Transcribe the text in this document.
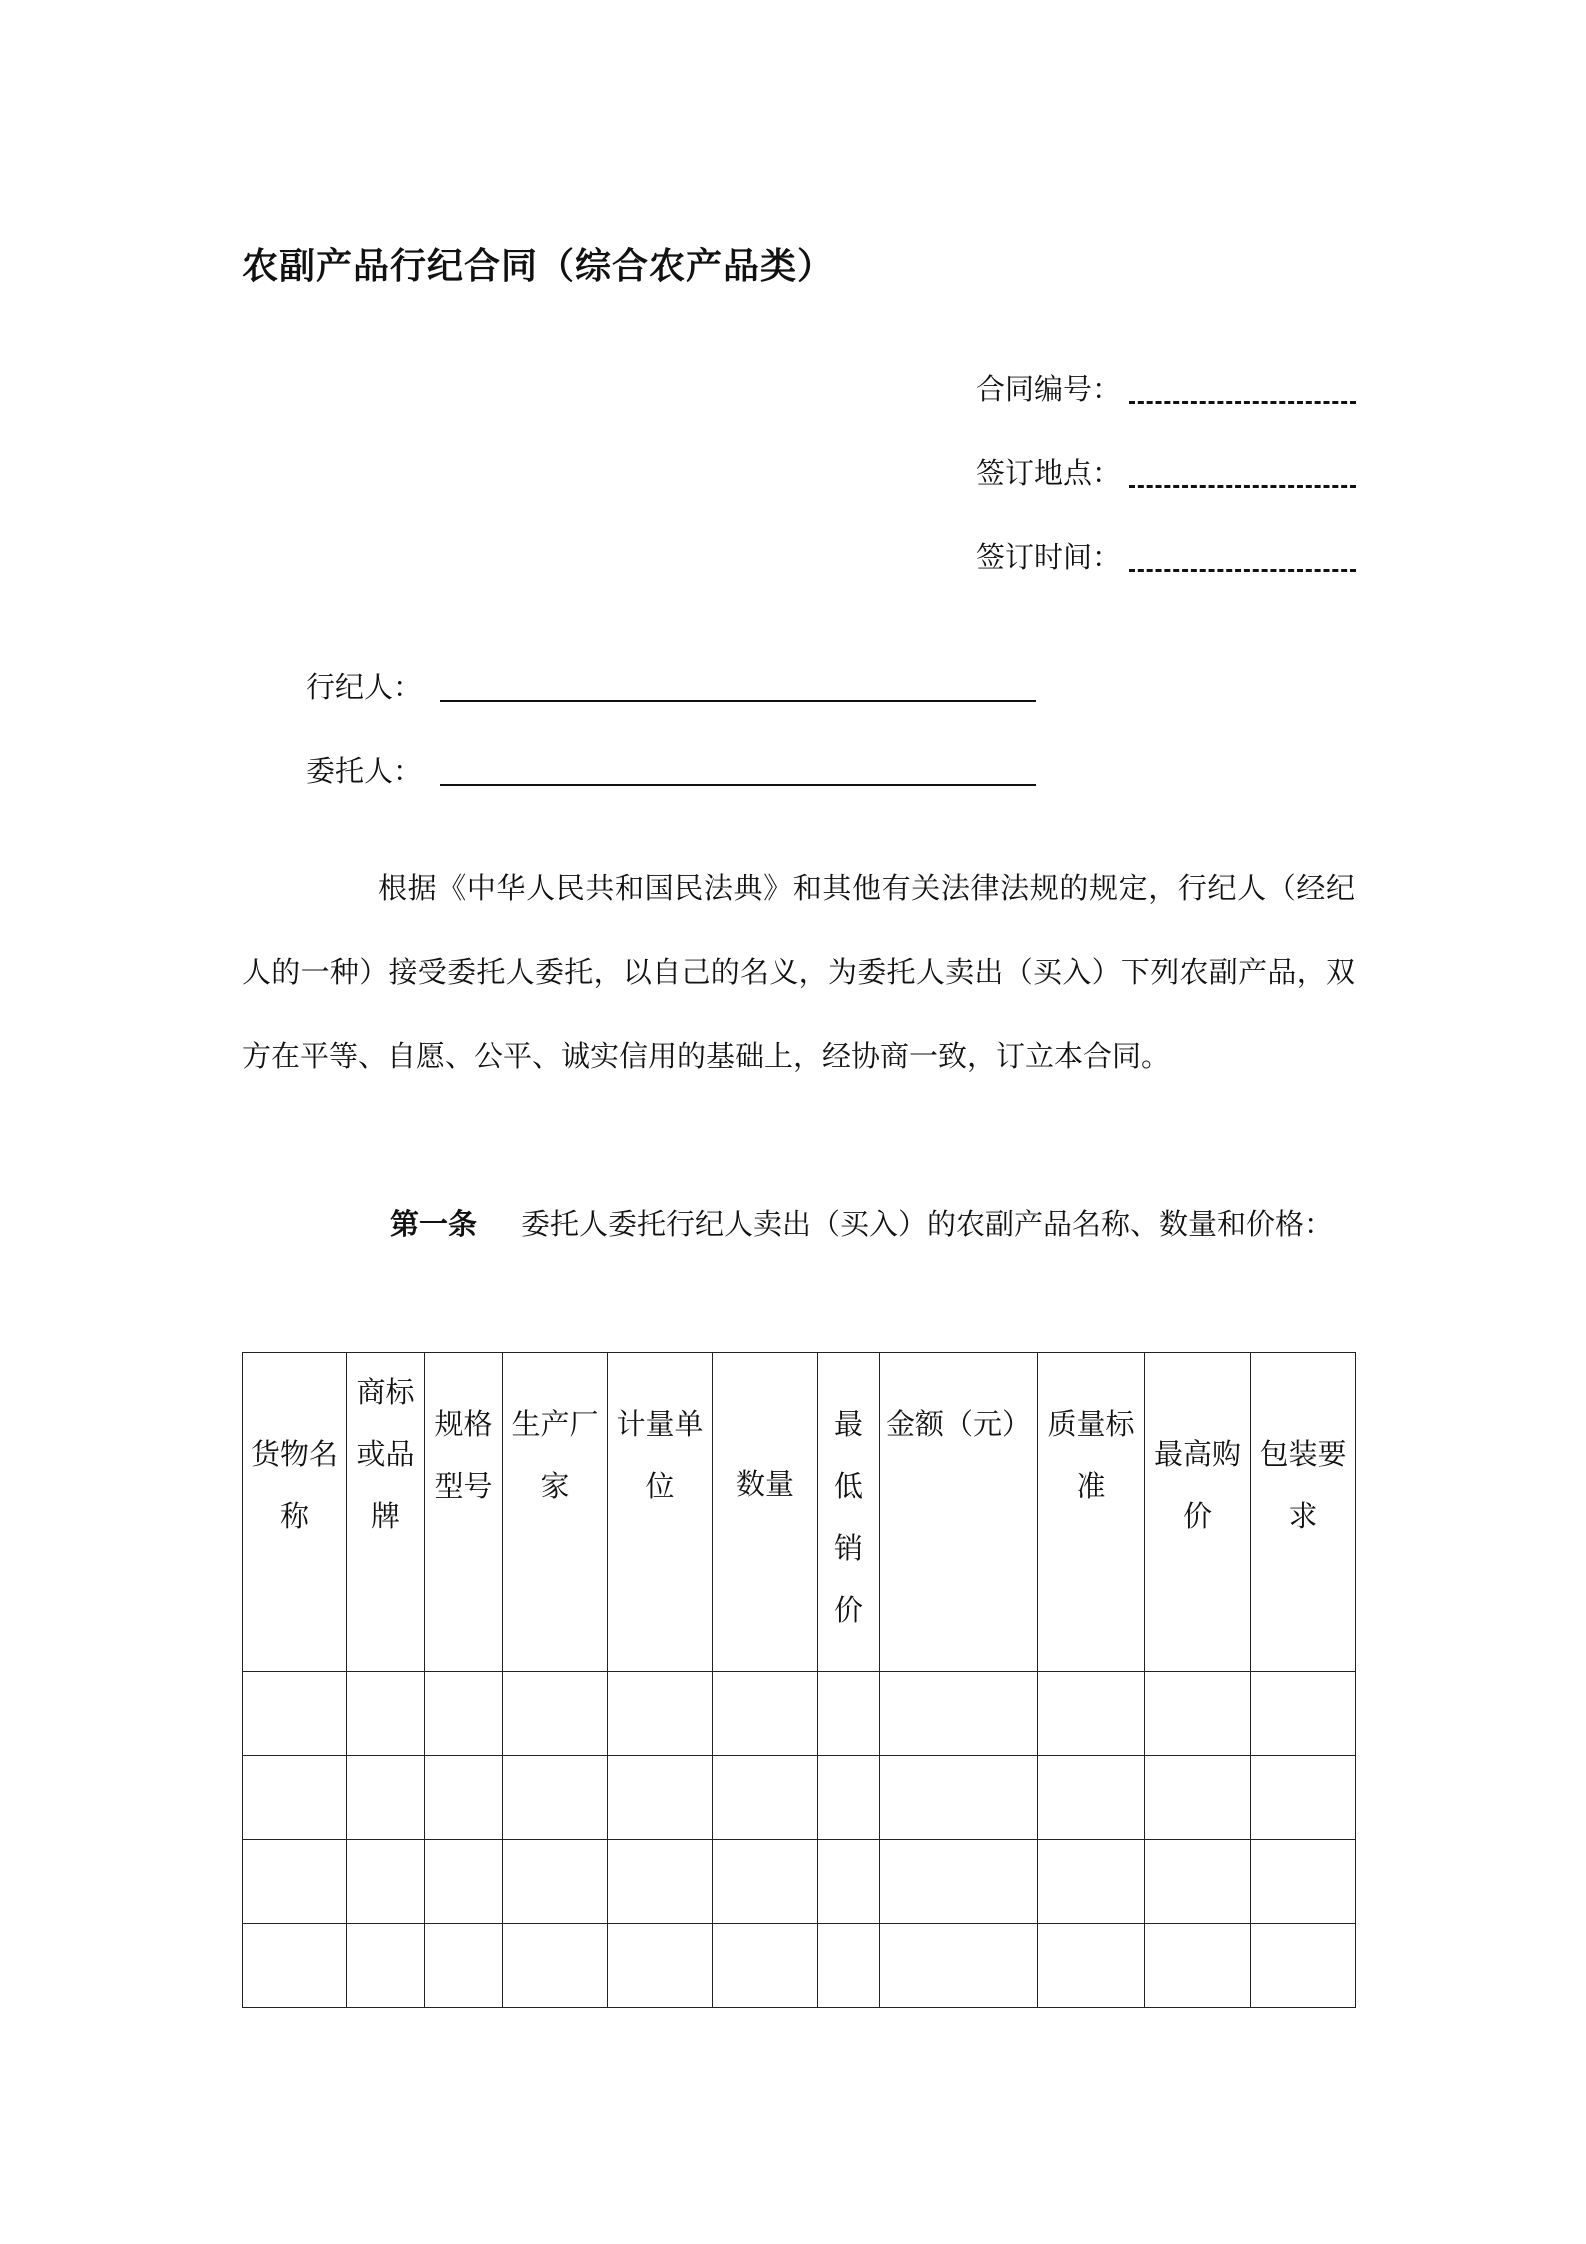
农副产品行纪合同（综合农产品类）
合同编号：
签订地点：
签订时间：
行纪人：
委托人：
根据《中华人民共和国民法典》和其他有关法律法规的规定，行纪人（经纪人的一种）接受委托人委托，以自己的名义，为委托人卖出（买入）下列农副产品，双方在平等、自愿、公平、诚实信用的基础上，经协商一致，订立本合同。
第一条 委托人委托行纪人卖出（买入）的农副产品名称、数量和价格：
货物名称	商标或品牌	规格型号	生产厂家	计量单位	数量	最低销价	金额（元）	质量标准	最高购价	包装要求
